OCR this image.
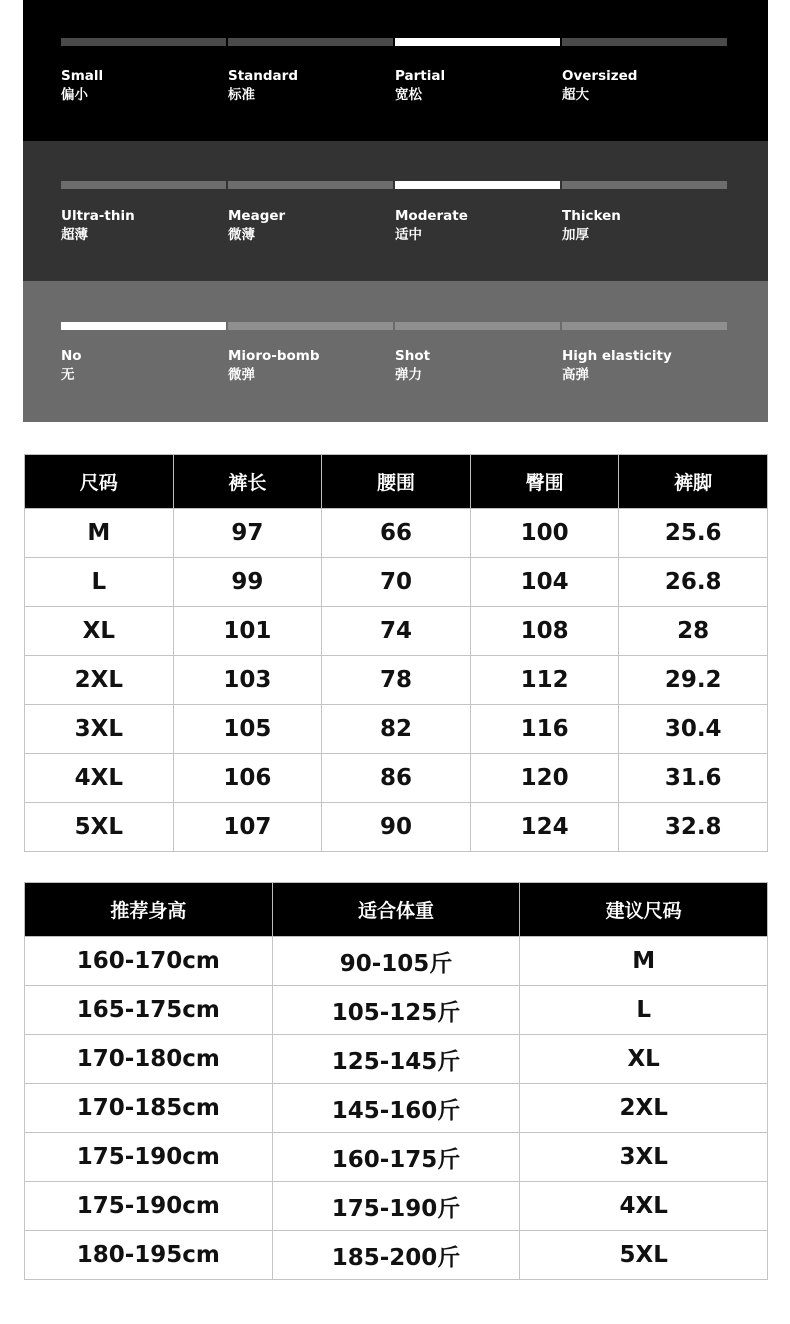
Small
偏小
Standard
标准
Partial
宽松
Oversized
超大
Ultra-thin
超薄
Meager
微薄
Moderate
适中
Thicken
加厚
No
无
Mioro-bomb
微弹
Shot
弹力
High elasticity
高弹
尺码	裤长	腰围	臀围	裤脚
M	97	66	100	25.6
L	99	70	104	26.8
XL	101	74	108	28
2XL	103	78	112	29.2
3XL	105	82	116	30.4
4XL	106	86	120	31.6
5XL	107	90	124	32.8
推荐身高	适合体重	建议尺码
160-170cm	90-105斤	M
165-175cm	105-125斤	L
170-180cm	125-145斤	XL
170-185cm	145-160斤	2XL
175-190cm	160-175斤	3XL
175-190cm	175-190斤	4XL
180-195cm	185-200斤	5XL
